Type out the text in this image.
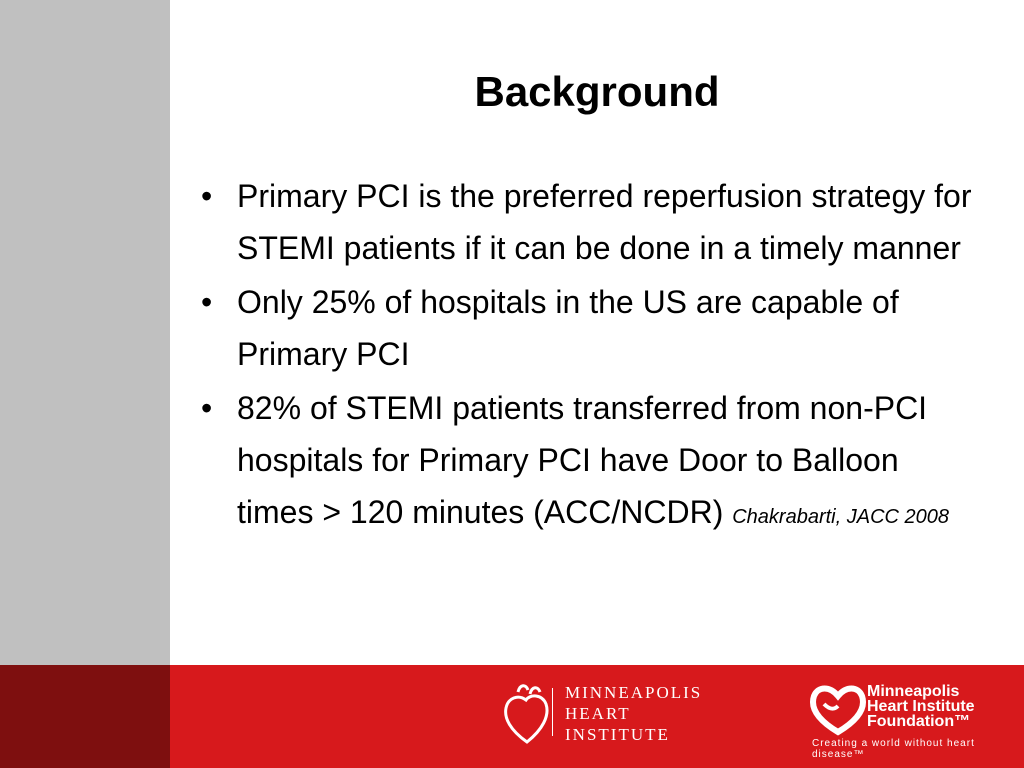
Background
• Primary PCI is the preferred reperfusion strategy for STEMI patients if it can be done in a timely manner
• Only 25% of hospitals in the US are capable of Primary PCI
• 82% of STEMI patients transferred from non-PCI hospitals for Primary PCI have Door to Balloon times > 120 minutes (ACC/NCDR) Chakrabarti, JACC 2008
MINNEAPOLIS
HEART
INSTITUTE
Minneapolis
Heart Institute
Foundation™
Creating a world without heart disease™
